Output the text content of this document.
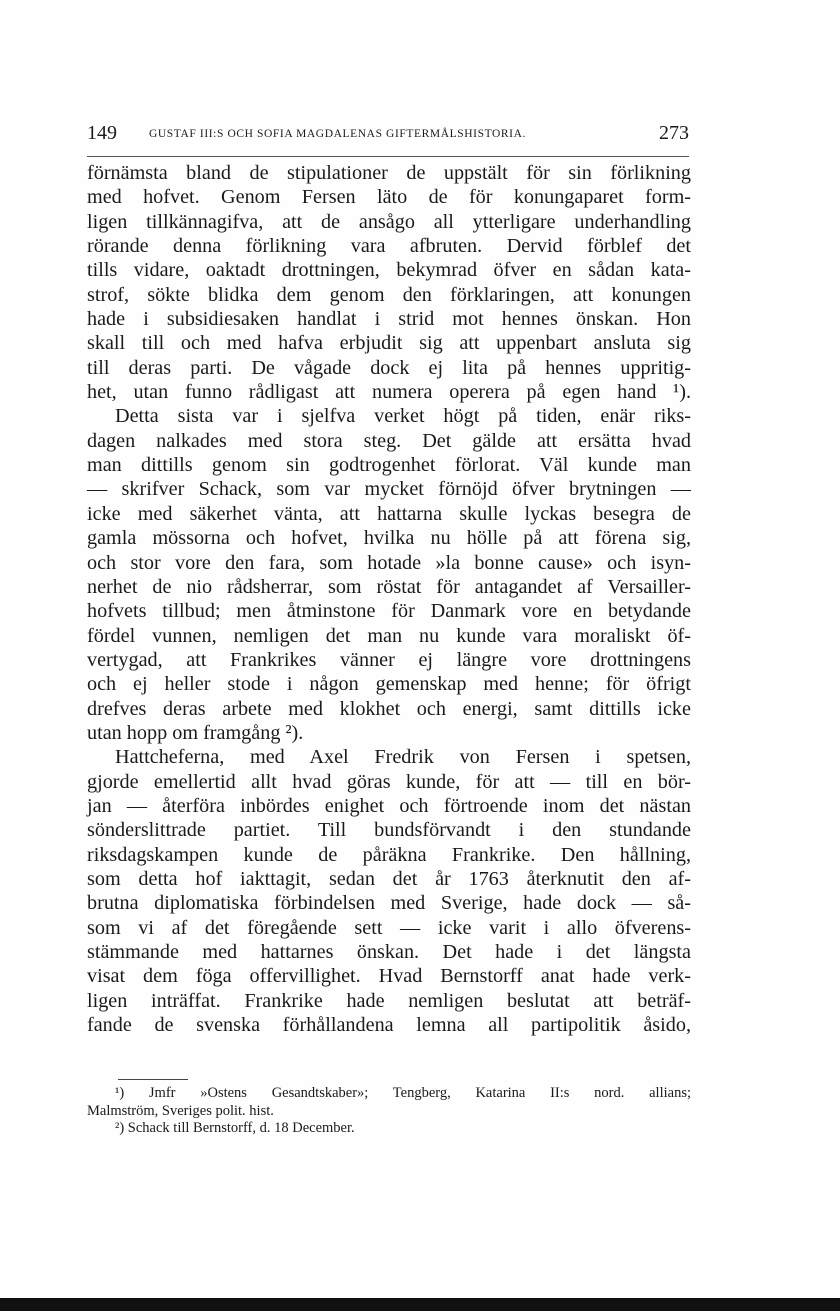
149	GUSTAF III:S OCH SOFIA MAGDALENAS GIFTERMÅLSHISTORIA.	273
förnämsta bland de stipulationer de uppstält för sin förlikning
med hofvet. Genom Fersen läto de för konungaparet form-
ligen tillkännagifva, att de ansågo all ytterligare underhandling
rörande denna förlikning vara afbruten. Dervid förblef det
tills vidare, oaktadt drottningen, bekymrad öfver en sådan kata-
strof, sökte blidka dem genom den förklaringen, att konungen
hade i subsidiesaken handlat i strid mot hennes önskan. Hon
skall till och med hafva erbjudit sig att uppenbart ansluta sig
till deras parti. De vågade dock ej lita på hennes uppritig-
het, utan funno rådligast att numera operera på egen hand ¹).
Detta sista var i sjelfva verket högt på tiden, enär riks-
dagen nalkades med stora steg. Det gälde att ersätta hvad
man dittills genom sin godtrogenhet förlorat. Väl kunde man
— skrifver Schack, som var mycket förnöjd öfver brytningen —
icke med säkerhet vänta, att hattarna skulle lyckas besegra de
gamla mössorna och hofvet, hvilka nu hölle på att förena sig,
och stor vore den fara, som hotade »la bonne cause» och isyn-
nerhet de nio rådsherrar, som röstat för antagandet af Versailler-
hofvets tillbud; men åtminstone för Danmark vore en betydande
fördel vunnen, nemligen det man nu kunde vara moraliskt öf-
vertygad, att Frankrikes vänner ej längre vore drottningens
och ej heller stode i någon gemenskap med henne; för öfrigt
drefves deras arbete med klokhet och energi, samt dittills icke
utan hopp om framgång ²).
Hattcheferna, med Axel Fredrik von Fersen i spetsen,
gjorde emellertid allt hvad göras kunde, för att — till en bör-
jan — återföra inbördes enighet och förtroende inom det nästan
sönderslittrade partiet. Till bundsförvandt i den stundande
riksdagskampen kunde de påräkna Frankrike. Den hållning,
som detta hof iakttagit, sedan det år 1763 återknutit den af-
brutna diplomatiska förbindelsen med Sverige, hade dock — så-
som vi af det föregående sett — icke varit i allo öfverens-
stämmande med hattarnes önskan. Det hade i det längsta
visat dem föga offervillighet. Hvad Bernstorff anat hade verk-
ligen inträffat. Frankrike hade nemligen beslutat att beträf-
fande de svenska förhållandena lemna all partipolitik åsido,
¹) Jmfr »Ostens Gesandtskaber»; Tengberg, Katarina II:s nord. allians;
Malmström, Sveriges polit. hist.
²) Schack till Bernstorff, d. 18 December.
